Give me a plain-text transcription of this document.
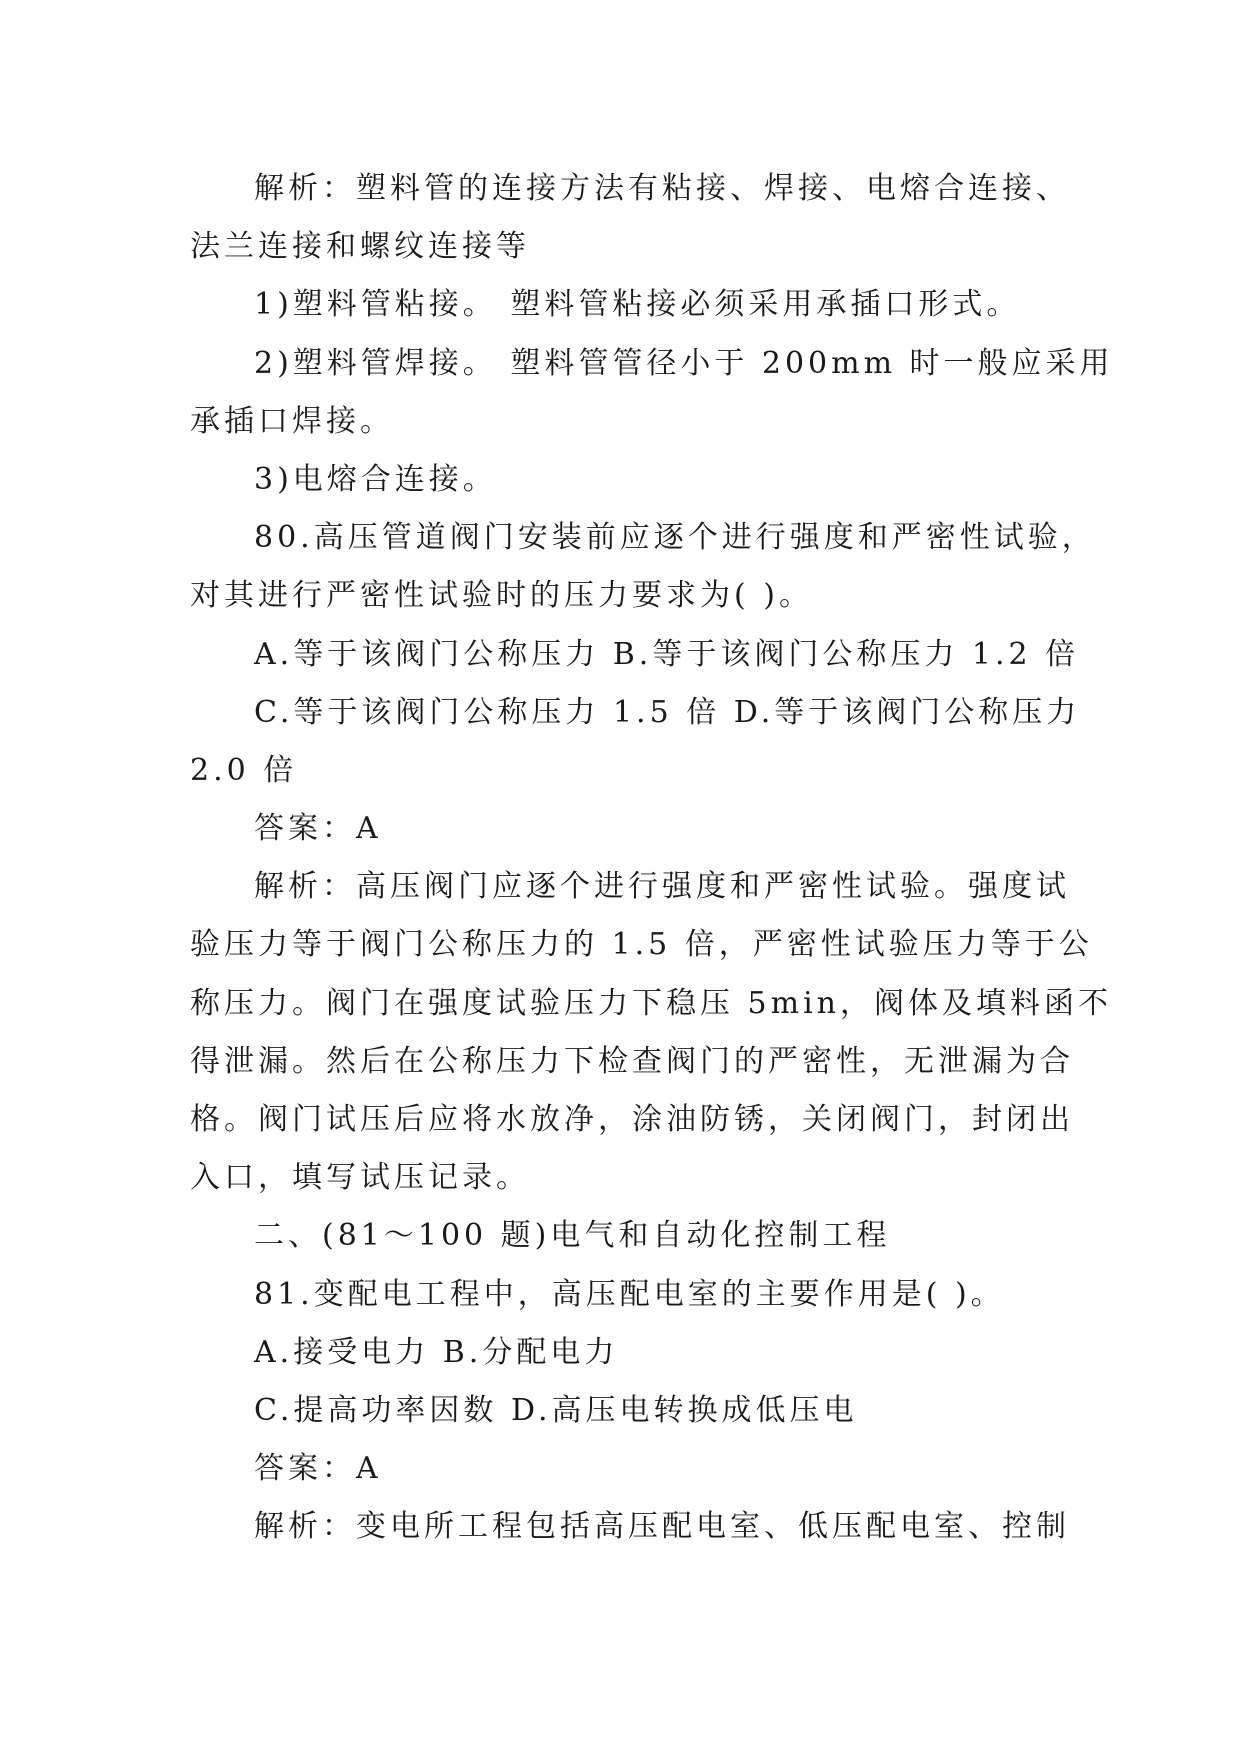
解析：塑料管的连接方法有粘接、焊接、电熔合连接、
法兰连接和螺纹连接等
1)塑料管粘接。 塑料管粘接必须采用承插口形式。
2)塑料管焊接。 塑料管管径小于 200mm 时一般应采用
承插口焊接。
3)电熔合连接。
80.高压管道阀门安装前应逐个进行强度和严密性试验，
对其进行严密性试验时的压力要求为( )。
A.等于该阀门公称压力 B.等于该阀门公称压力 1.2 倍
C.等于该阀门公称压力 1.5 倍 D.等于该阀门公称压力
2.0 倍
答案：A
解析：高压阀门应逐个进行强度和严密性试验。强度试
验压力等于阀门公称压力的 1.5 倍，严密性试验压力等于公
称压力。阀门在强度试验压力下稳压 5min，阀体及填料函不
得泄漏。然后在公称压力下检查阀门的严密性，无泄漏为合
格。阀门试压后应将水放净，涂油防锈，关闭阀门，封闭出
入口，填写试压记录。
二、(81～100 题)电气和自动化控制工程
81.变配电工程中，高压配电室的主要作用是( )。
A.接受电力 B.分配电力
C.提高功率因数 D.高压电转换成低压电
答案：A
解析：变电所工程包括高压配电室、低压配电室、控制
